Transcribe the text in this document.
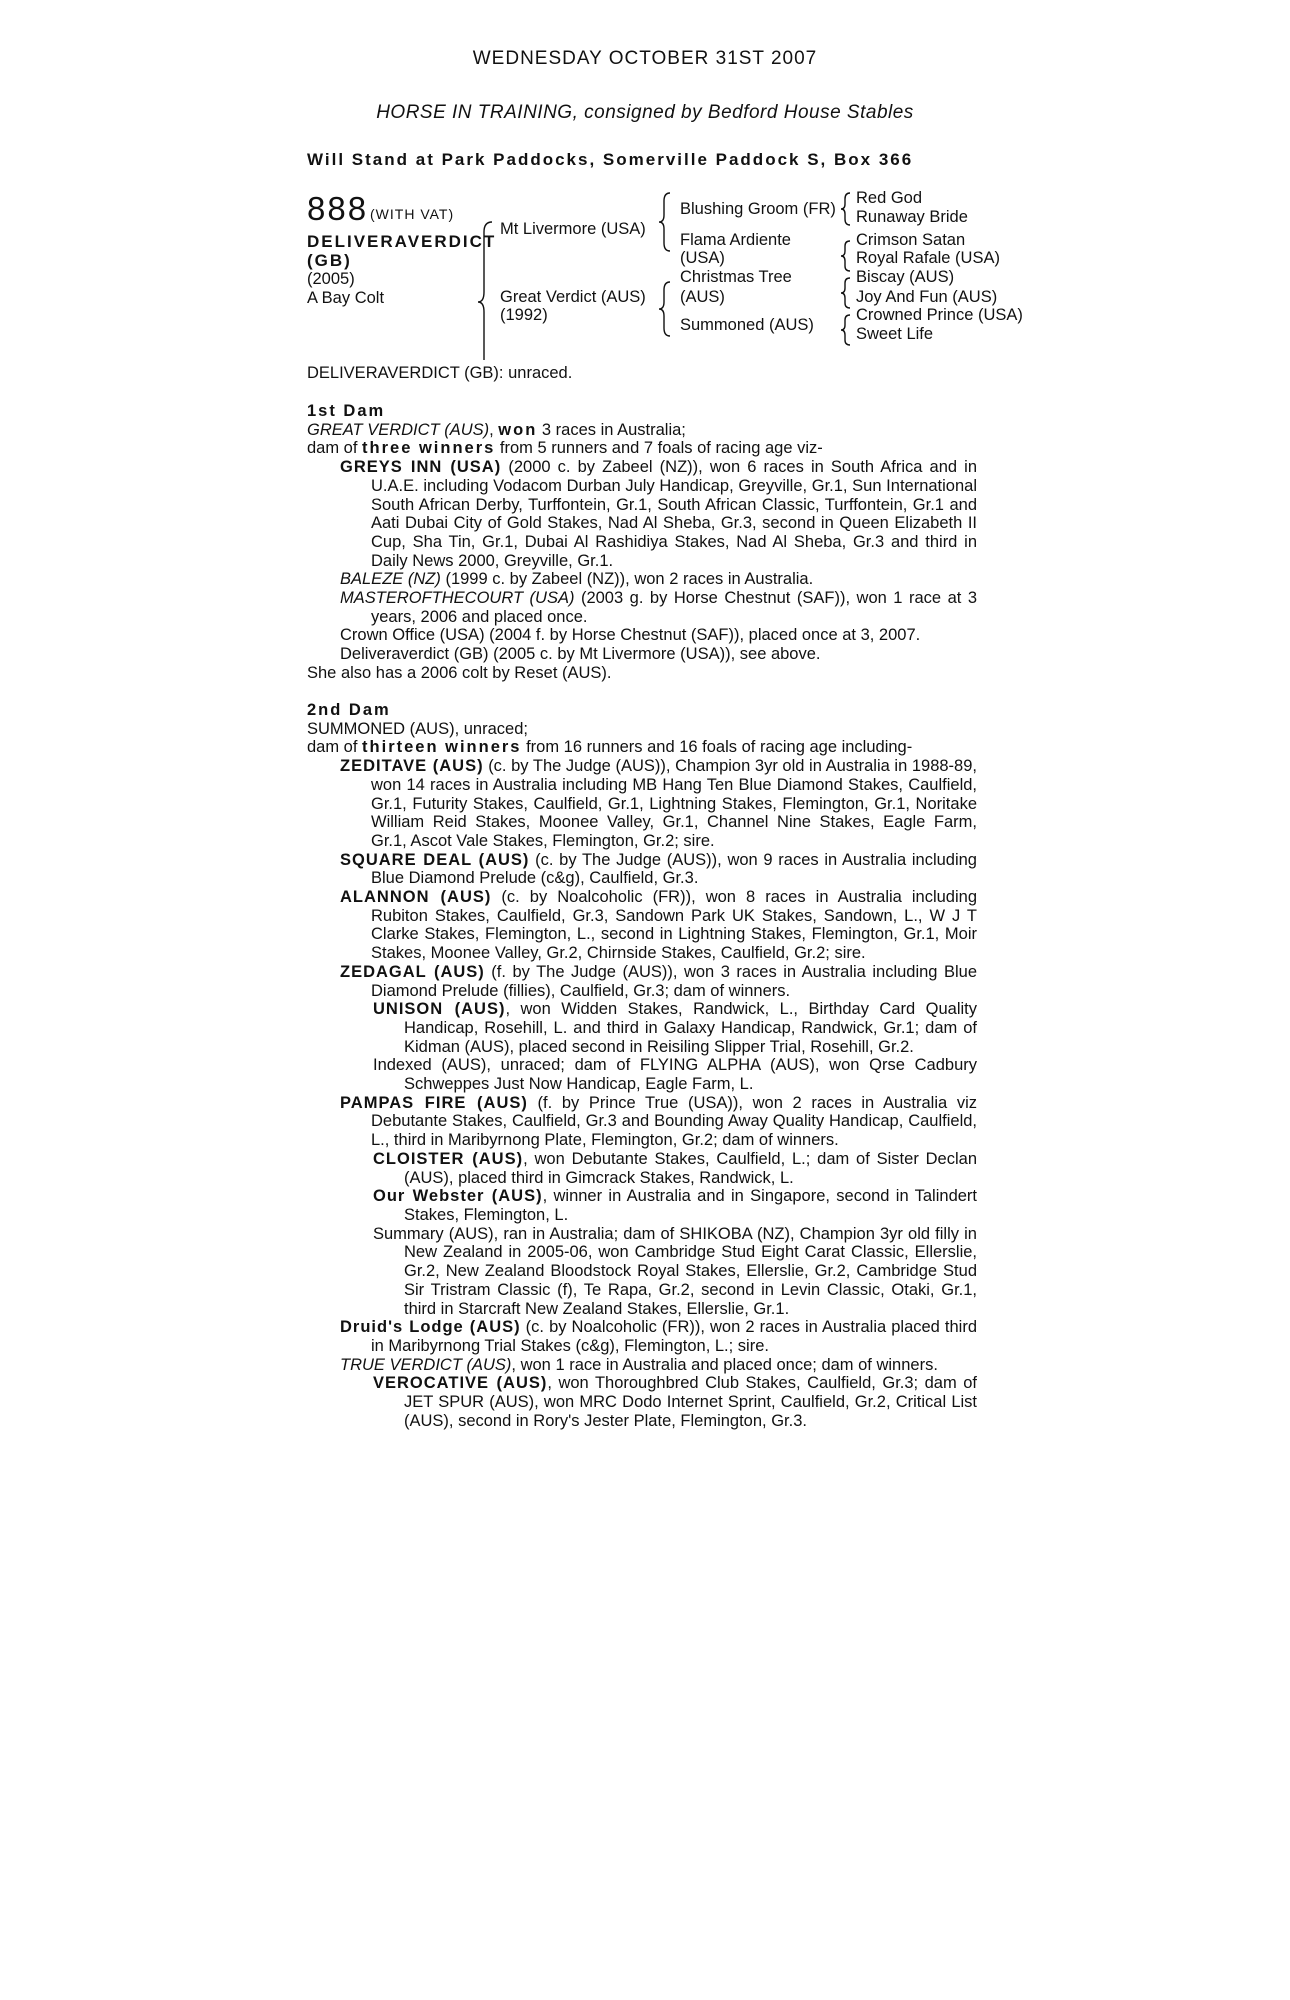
WEDNESDAY OCTOBER 31ST 2007
HORSE IN TRAINING, consigned by Bedford House Stables
Will Stand at Park Paddocks, Somerville Paddock S, Box 366
888 (WITH VAT)
DELIVERAVERDICT
(GB)
(2005)
A Bay Colt
Mt Livermore (USA)
Great Verdict (AUS)
(1992)
Blushing Groom (FR)
Flama Ardiente
(USA)
Christmas Tree
(AUS)
Summoned (AUS)
Red God
Runaway Bride
Crimson Satan
Royal Rafale (USA)
Biscay (AUS)
Joy And Fun (AUS)
Crowned Prince (USA)
Sweet Life
DELIVERAVERDICT (GB): unraced.
1st Dam
GREAT VERDICT (AUS), won 3 races in Australia;
dam of three winners from 5 runners and 7 foals of racing age viz-
GREYS INN (USA) (2000 c. by Zabeel (NZ)), won 6 races in South Africa and in U.A.E. including Vodacom Durban July Handicap, Greyville, Gr.1, Sun International South African Derby, Turffontein, Gr.1, South African Classic, Turffontein, Gr.1 and Aati Dubai City of Gold Stakes, Nad Al Sheba, Gr.3, second in Queen Elizabeth II Cup, Sha Tin, Gr.1, Dubai Al Rashidiya Stakes, Nad Al Sheba, Gr.3 and third in Daily News 2000, Greyville, Gr.1.
BALEZE (NZ) (1999 c. by Zabeel (NZ)), won 2 races in Australia.
MASTEROFTHECOURT (USA) (2003 g. by Horse Chestnut (SAF)), won 1 race at 3 years, 2006 and placed once.
Crown Office (USA) (2004 f. by Horse Chestnut (SAF)), placed once at 3, 2007.
Deliveraverdict (GB) (2005 c. by Mt Livermore (USA)), see above.
She also has a 2006 colt by Reset (AUS).
2nd Dam
SUMMONED (AUS), unraced;
dam of thirteen winners from 16 runners and 16 foals of racing age including-
ZEDITAVE (AUS) (c. by The Judge (AUS)), Champion 3yr old in Australia in 1988-89, won 14 races in Australia including MB Hang Ten Blue Diamond Stakes, Caulfield, Gr.1, Futurity Stakes, Caulfield, Gr.1, Lightning Stakes, Flemington, Gr.1, Noritake William Reid Stakes, Moonee Valley, Gr.1, Channel Nine Stakes, Eagle Farm, Gr.1, Ascot Vale Stakes, Flemington, Gr.2; sire.
SQUARE DEAL (AUS) (c. by The Judge (AUS)), won 9 races in Australia including Blue Diamond Prelude (c&g), Caulfield, Gr.3.
ALANNON (AUS) (c. by Noalcoholic (FR)), won 8 races in Australia including Rubiton Stakes, Caulfield, Gr.3, Sandown Park UK Stakes, Sandown, L., W J T Clarke Stakes, Flemington, L., second in Lightning Stakes, Flemington, Gr.1, Moir Stakes, Moonee Valley, Gr.2, Chirnside Stakes, Caulfield, Gr.2; sire.
ZEDAGAL (AUS) (f. by The Judge (AUS)), won 3 races in Australia including Blue Diamond Prelude (fillies), Caulfield, Gr.3; dam of winners.
UNISON (AUS), won Widden Stakes, Randwick, L., Birthday Card Quality Handicap, Rosehill, L. and third in Galaxy Handicap, Randwick, Gr.1; dam of Kidman (AUS), placed second in Reisiling Slipper Trial, Rosehill, Gr.2.
Indexed (AUS), unraced; dam of FLYING ALPHA (AUS), won Qrse Cadbury Schweppes Just Now Handicap, Eagle Farm, L.
PAMPAS FIRE (AUS) (f. by Prince True (USA)), won 2 races in Australia viz Debutante Stakes, Caulfield, Gr.3 and Bounding Away Quality Handicap, Caulfield, L., third in Maribyrnong Plate, Flemington, Gr.2; dam of winners.
CLOISTER (AUS), won Debutante Stakes, Caulfield, L.; dam of Sister Declan (AUS), placed third in Gimcrack Stakes, Randwick, L.
Our Webster (AUS), winner in Australia and in Singapore, second in Talindert Stakes, Flemington, L.
Summary (AUS), ran in Australia; dam of SHIKOBA (NZ), Champion 3yr old filly in New Zealand in 2005-06, won Cambridge Stud Eight Carat Classic, Ellerslie, Gr.2, New Zealand Bloodstock Royal Stakes, Ellerslie, Gr.2, Cambridge Stud Sir Tristram Classic (f), Te Rapa, Gr.2, second in Levin Classic, Otaki, Gr.1, third in Starcraft New Zealand Stakes, Ellerslie, Gr.1.
Druid's Lodge (AUS) (c. by Noalcoholic (FR)), won 2 races in Australia placed third in Maribyrnong Trial Stakes (c&g), Flemington, L.; sire.
TRUE VERDICT (AUS), won 1 race in Australia and placed once; dam of winners.
VEROCATIVE (AUS), won Thoroughbred Club Stakes, Caulfield, Gr.3; dam of JET SPUR (AUS), won MRC Dodo Internet Sprint, Caulfield, Gr.2, Critical List (AUS), second in Rory's Jester Plate, Flemington, Gr.3.
